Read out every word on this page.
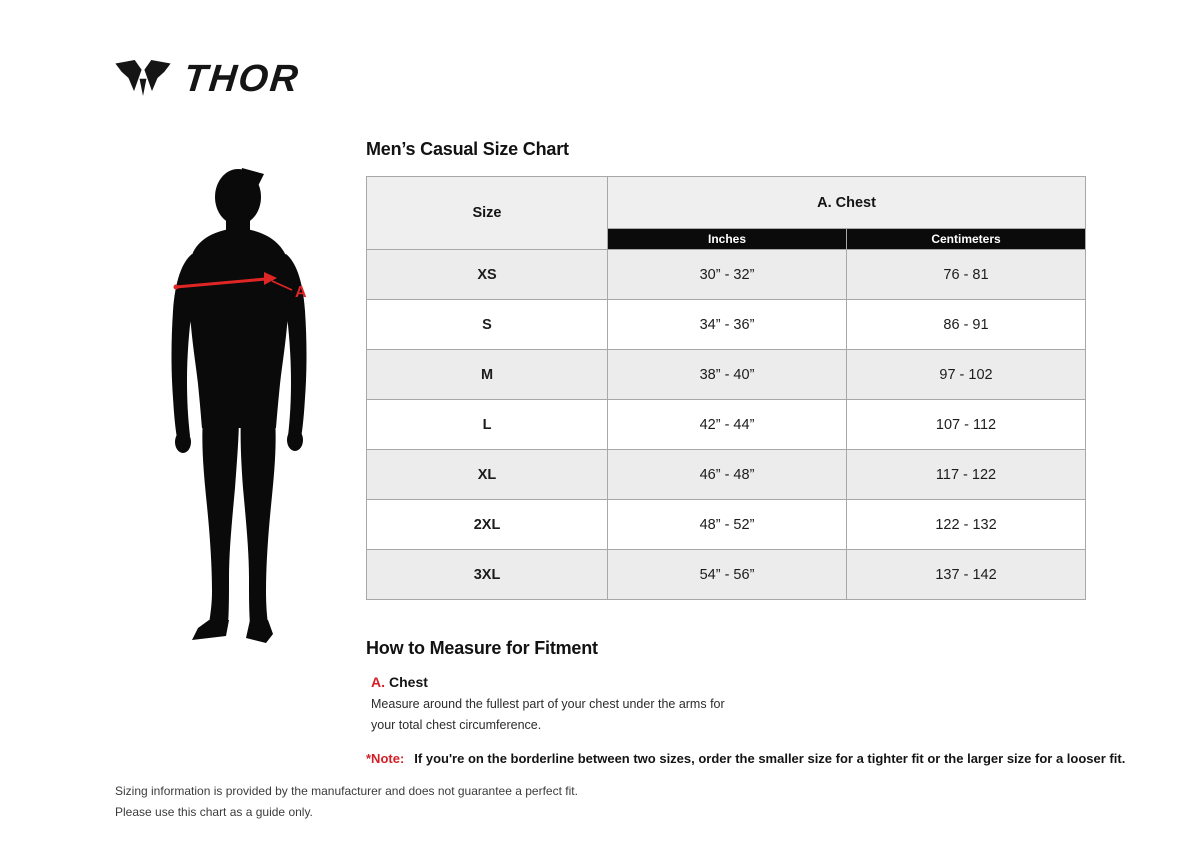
THOR
A
Men’s Casual Size Chart
Size	A. Chest	
	Inches	Centimeters
XS	30” - 32”	76 - 81
S	34” - 36”	86 - 91
M	38” - 40”	97 - 102
L	42” - 44”	107 - 112
XL	46” - 48”	117 - 122
2XL	48” - 52”	122 - 132
3XL	54” - 56”	137 - 142
How to Measure for Fitment
A. Chest
Measure around the fullest part of your chest under the arms for your total chest circumference.
*Note: If you're on the borderline between two sizes, order the smaller size for a tighter fit or the larger size for a looser fit.
Sizing information is provided by the manufacturer and does not guarantee a perfect fit.
Please use this chart as a guide only.
